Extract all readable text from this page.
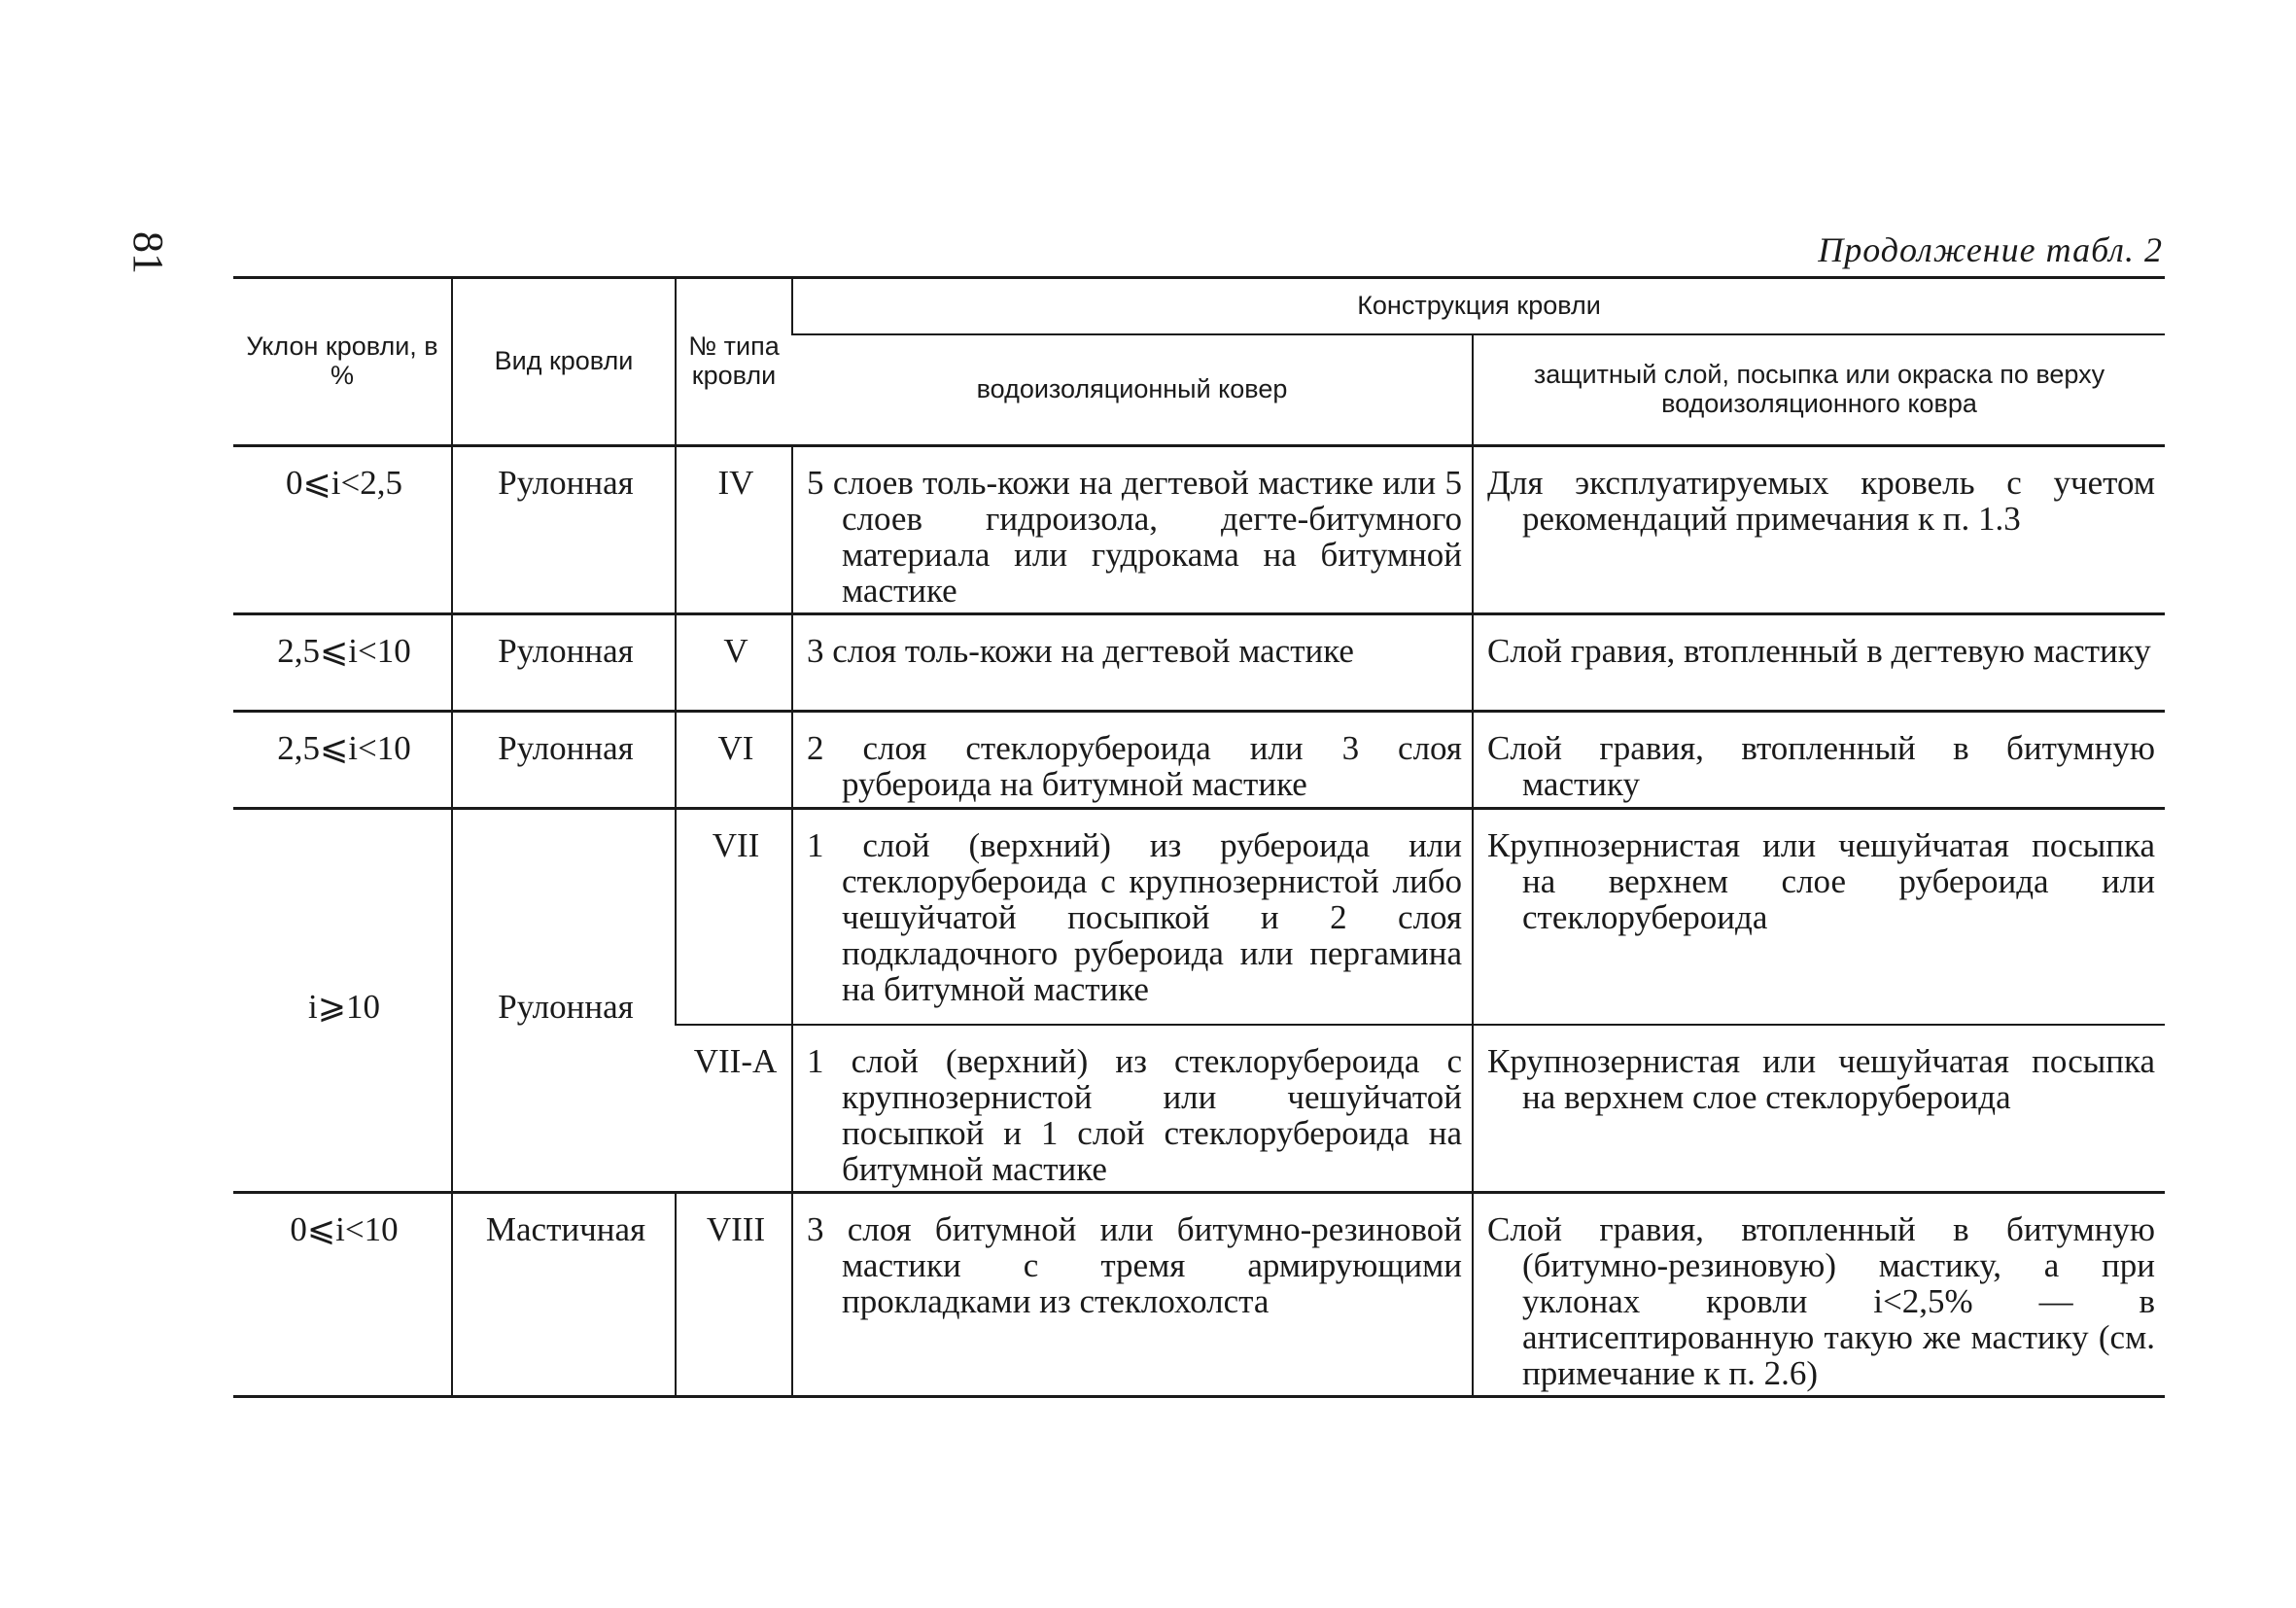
81	Продолжение табл. 2
Уклон кровли, в %	Вид кровли	№ типа кровли	Конструкция кровли	
			водоизоляционный ковер	защитный слой, посыпка или окраска по верху водоизоляционного ковра
0⩽i<2,5	Рулонная	IV	5 слоев толь-кожи на дегтевой мастике или 5 слоев гидроизола, дегте-битумного материала или гудрокама на битумной мастике	Для эксплуатируемых кровель с учетом рекомендаций примечания к п. 1.3
2,5⩽i<10	Рулонная	V	3 слоя толь-кожи на дегтевой мастике	Слой гравия, втопленный в дегтевую мастику
2,5⩽i<10	Рулонная	VI	2 слоя стеклорубероида или 3 слоя рубероида на битумной мастике	Слой гравия, втопленный в битумную мастику
i⩾10	Рулонная	VII	1 слой (верхний) из рубероида или стеклорубероида с крупнозернистой либо чешуйчатой посыпкой и 2 слоя подкладочного рубероида или пергамина на битумной мастике	Крупнозернистая или чешуйчатая посыпка на верхнем слое рубероида или стеклорубероида
		VII-А	1 слой (верхний) из стеклорубероида с крупнозернистой или чешуйчатой посыпкой и 1 слой стеклорубероида на битумной мастике	Крупнозернистая или чешуйчатая посыпка на верхнем слое стеклорубероида
0⩽i<10	Мастичная	VIII	3 слоя битумной или битумно-резиновой мастики с тремя армирующими прокладками из стеклохолста	Слой гравия, втопленный в битумную (битумно-резиновую) мастику, а при уклонах кровли i<2,5% — в антисептированную такую же мастику (см. примечание к п. 2.6)
